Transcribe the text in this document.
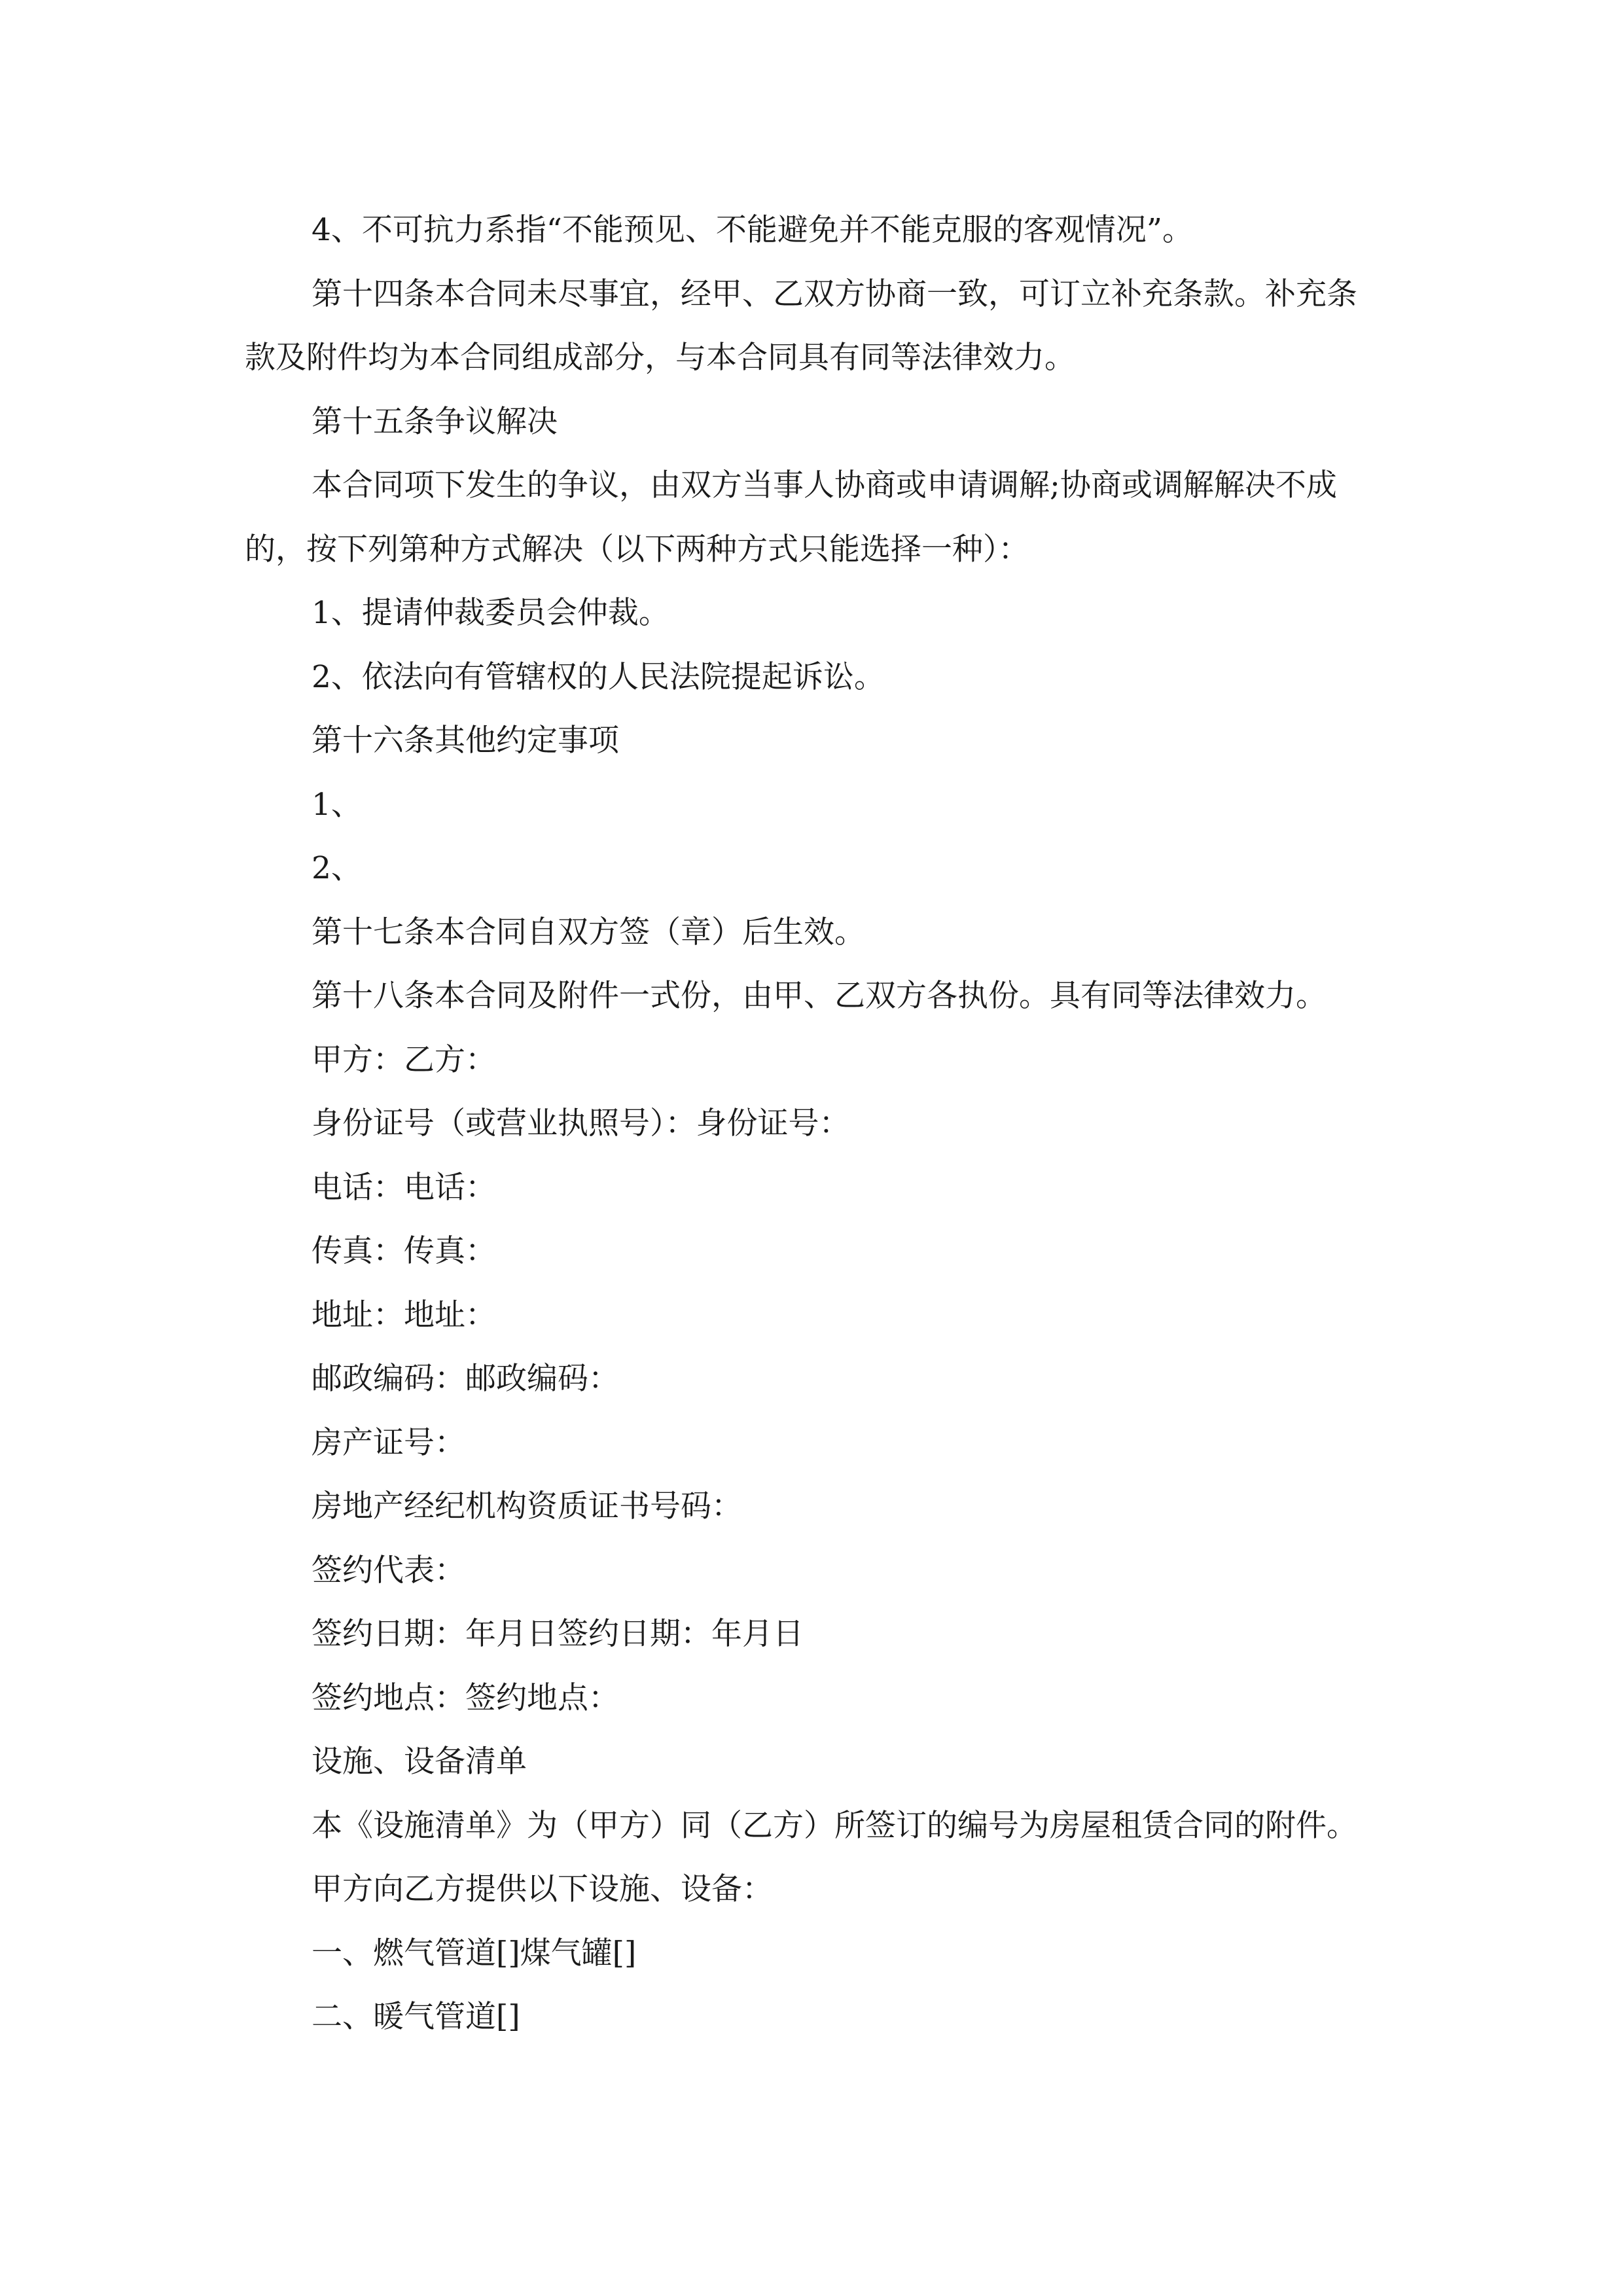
4、不可抗力系指“不能预见、不能避免并不能克服的客观情况”。

第十四条本合同未尽事宜，经甲、乙双方协商一致，可订立补充条款。补充条款及附件均为本合同组成部分，与本合同具有同等法律效力。

第十五条争议解决

本合同项下发生的争议，由双方当事人协商或申请调解;协商或调解解决不成的，按下列第种方式解决（以下两种方式只能选择一种）：

1、提请仲裁委员会仲裁。

2、依法向有管辖权的人民法院提起诉讼。

第十六条其他约定事项

1、

2、

第十七条本合同自双方签（章）后生效。

第十八条本合同及附件一式份，由甲、乙双方各执份。具有同等法律效力。

甲方：乙方：

身份证号（或营业执照号）：身份证号：

电话：电话：

传真：传真：

地址：地址：

邮政编码：邮政编码：

房产证号：

房地产经纪机构资质证书号码：

签约代表：

签约日期：年月日签约日期：年月日

签约地点：签约地点：

设施、设备清单

本《设施清单》为（甲方）同（乙方）所签订的编号为房屋租赁合同的附件。

甲方向乙方提供以下设施、设备：

一、燃气管道[]煤气罐[]

二、暖气管道[]
